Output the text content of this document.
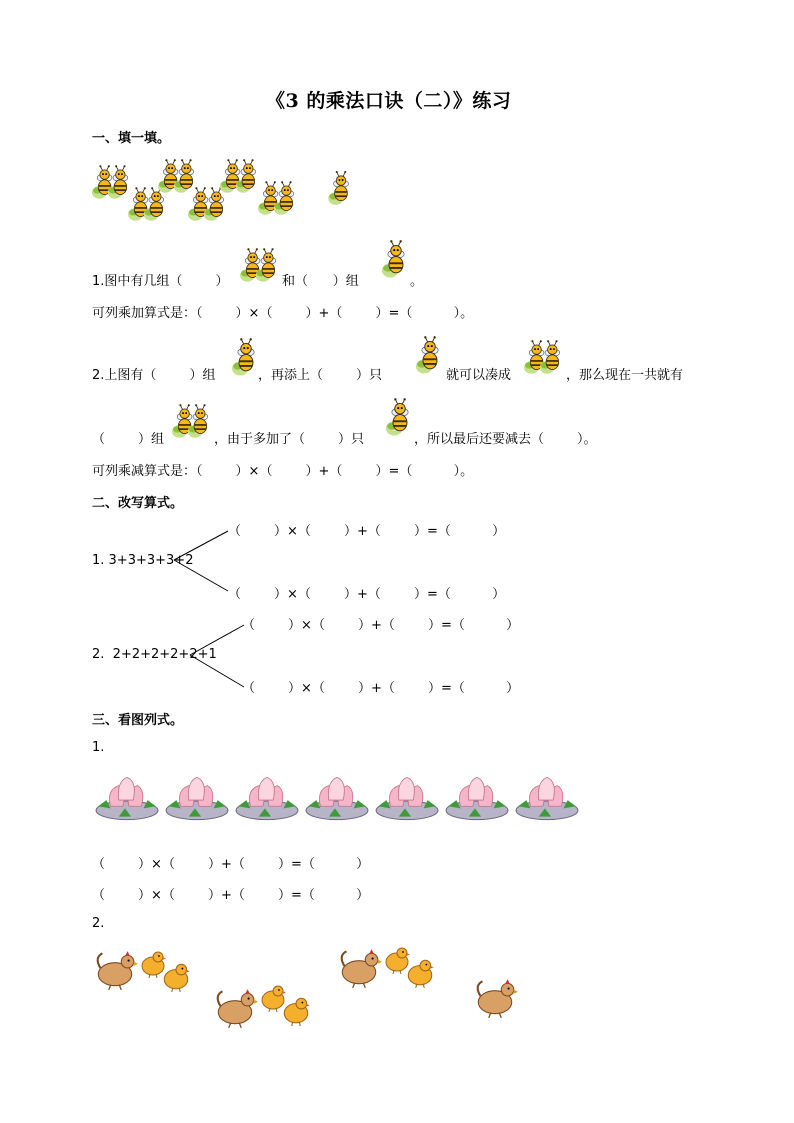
《3 的乘法口诀（二）》练习
一、填一填。
1.图中有几组（        ）	和（      ）组	。
可列乘加算式是：（        ）×（        ）+（        ）=（          ）。
2.上图有（        ）组	，再添上（        ）只	就可以凑成	，那么现在一共就有
（        ）组	，由于多加了（        ）只	，所以最后还要减去（        ）。
可列乘减算式是：（        ）×（        ）+（        ）=（          ）。
二、改写算式。
1. 3+3+3+3+2
（        ）×（        ）+（        ）=（          ）
（        ）×（        ）+（        ）=（          ）
2.  2+2+2+2+2+1
（        ）×（        ）+（        ）=（          ）
（        ）×（        ）+（        ）=（          ）
三、看图列式。
1.
（        ）×（        ）+（        ）=（          ）
（        ）×（        ）+（        ）=（          ）
2.
